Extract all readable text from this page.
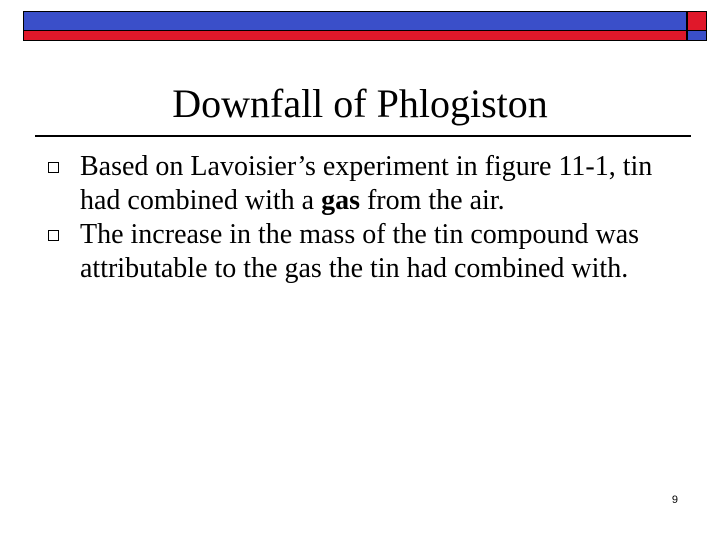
Downfall of Phlogiston
Based on Lavoisier’s experiment in figure 11-1, tin had combined with a gas from the air.
The increase in the mass of the tin compound was attributable to the gas the tin had combined with.
9
